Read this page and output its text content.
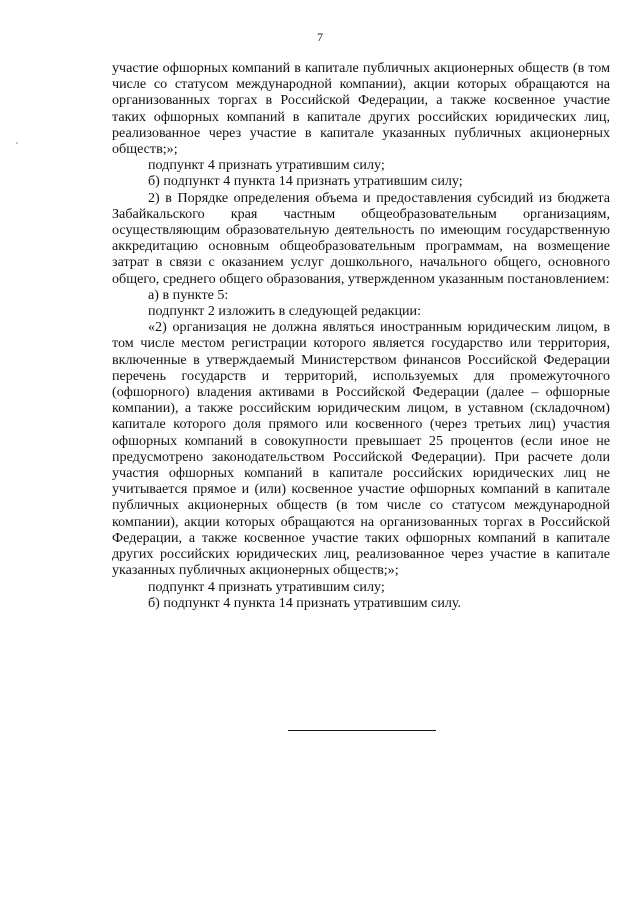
7

участие офшорных компаний в капитале публичных акционерных обществ (в том числе со статусом международной компании), акции которых обращаются на организованных торгах в Российской Федерации, а также косвенное участие таких офшорных компаний в капитале других российских юридических лиц, реализованное через участие в капитале указанных публичных акционерных обществ;»;

подпункт 4 признать утратившим силу;

б) подпункт 4 пункта 14 признать утратившим силу;

2) в Порядке определения объема и предоставления субсидий из бюджета Забайкальского края частным общеобразовательным организациям, осуществляющим образовательную деятельность по имеющим государственную аккредитацию основным общеобразовательным программам, на возмещение затрат в связи с оказанием услуг дошкольного, начального общего, основного общего, среднего общего образования, утвержденном указанным постановлением:

а) в пункте 5:

подпункт 2 изложить в следующей редакции:

«2) организация не должна являться иностранным юридическим лицом, в том числе местом регистрации которого является государство или территория, включенные в утверждаемый Министерством финансов Российской Федерации перечень государств и территорий, используемых для промежуточного (офшорного) владения активами в Российской Федерации (далее – офшорные компании), а также российским юридическим лицом, в уставном (складочном) капитале которого доля прямого или косвенного (через третьих лиц) участия офшорных компаний в совокупности превышает 25 процентов (если иное не предусмотрено законодательством Российской Федерации). При расчете доли участия офшорных компаний в капитале российских юридических лиц не учитывается прямое и (или) косвенное участие офшорных компаний в капитале публичных акционерных обществ (в том числе со статусом международной компании), акции которых обращаются на организованных торгах в Российской Федерации, а также косвенное участие таких офшорных компаний в капитале других российских юридических лиц, реализованное через участие в капитале указанных публичных акционерных обществ;»;

подпункт 4 признать утратившим силу;

б) подпункт 4 пункта 14 признать утратившим силу.
